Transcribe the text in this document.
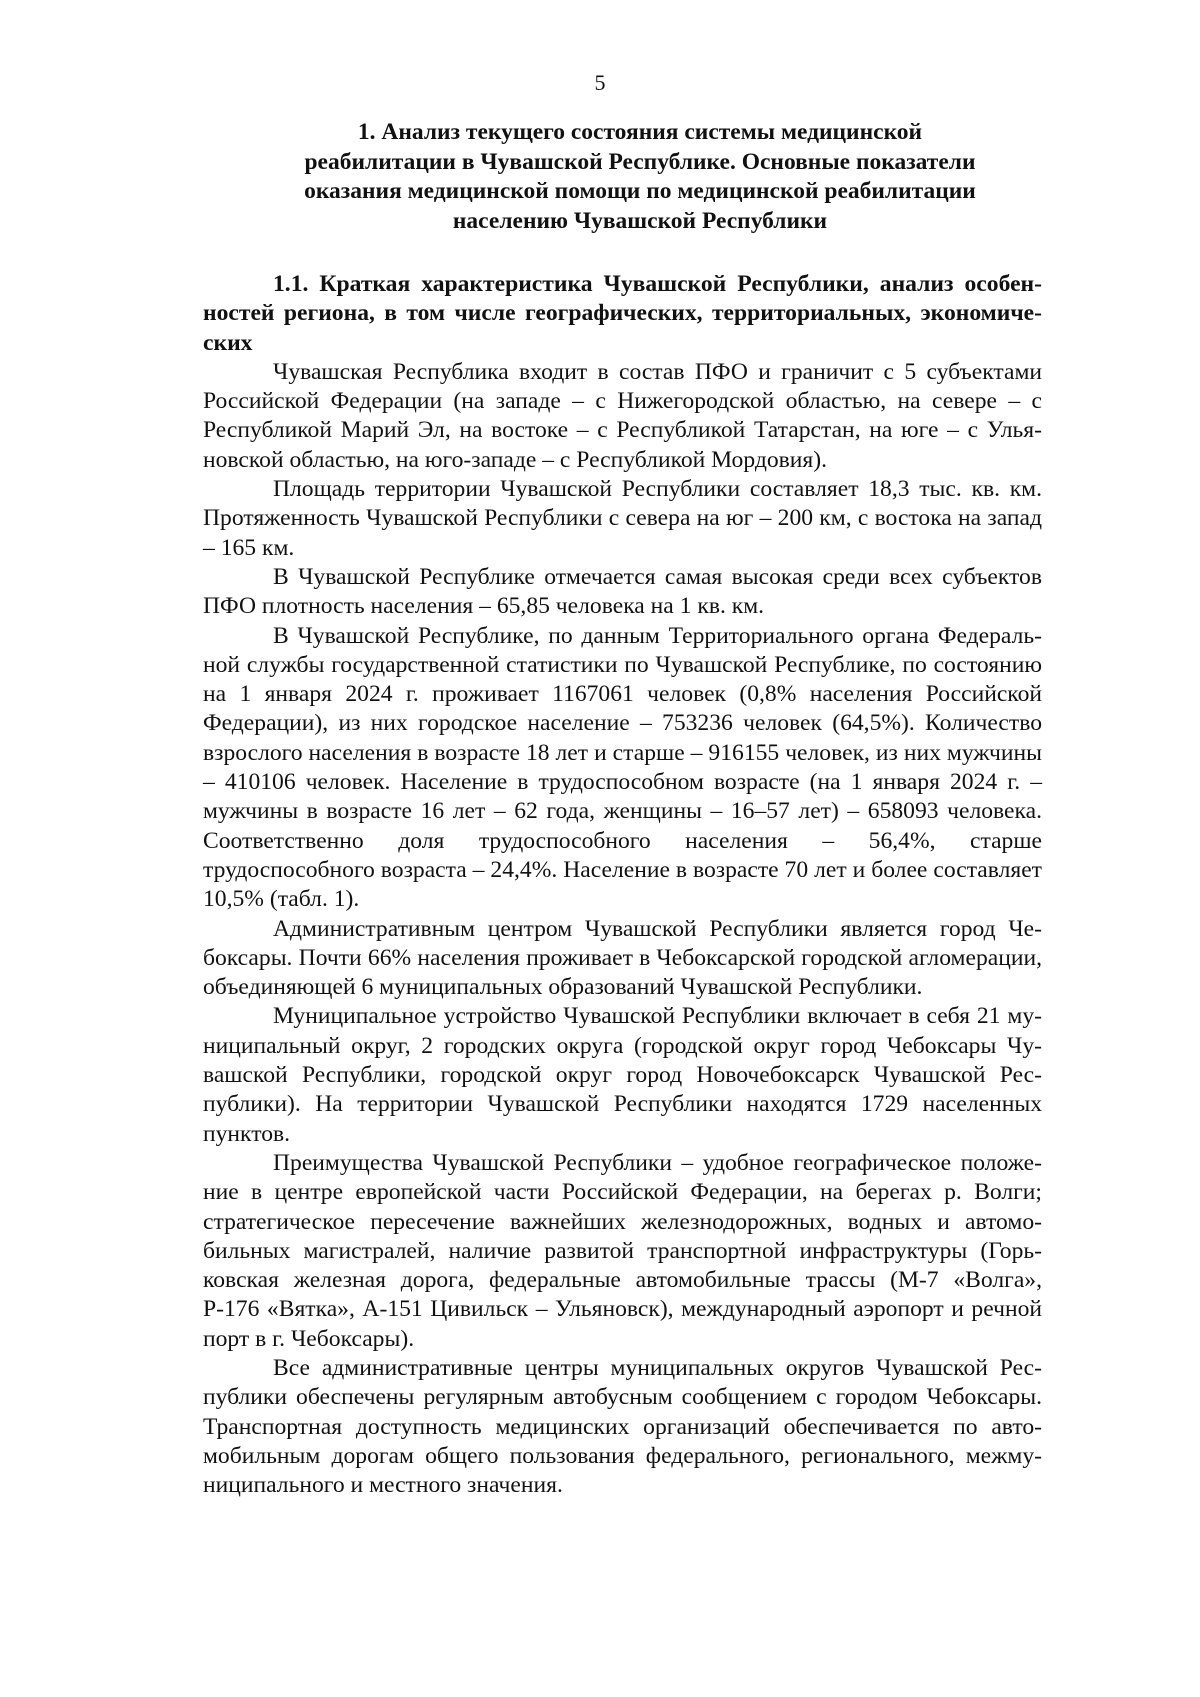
5
1. Анализ текущего состояния системы медицинской
реабилитации в Чувашской Республике. Основные показатели
оказания медицинской помощи по медицинской реабилитации
населению Чувашской Республики

1.1. Краткая характеристика Чувашской Республики, анализ особенностей региона, в том числе географических, территориальных, экономических

Чувашская Республика входит в состав ПФО и граничит с 5 субъектами Российской Федерации (на западе – с Нижегородской областью, на севере – с Республикой Марий Эл, на востоке – с Республикой Татарстан, на юге – с Ульяновской областью, на юго-западе – с Республикой Мордовия).

Площадь территории Чувашской Республики составляет 18,3 тыс. кв. км. Протяженность Чувашской Республики с севера на юг – 200 км, с востока на запад – 165 км.

В Чувашской Республике отмечается самая высокая среди всех субъектов ПФО плотность населения – 65,85 человека на 1 кв. км.

В Чувашской Республике, по данным Территориального органа Федеральной службы государственной статистики по Чувашской Республике, по состоянию на 1 января 2024 г. проживает 1167061 человек (0,8% населения Российской Федерации), из них городское население – 753236 человек (64,5%). Количество взрослого населения в возрасте 18 лет и старше – 916155 человек, из них мужчины – 410106 человек. Население в трудоспособном возрасте (на 1 января 2024 г. – мужчины в возрасте 16 лет – 62 года, женщины – 16–57 лет) – 658093 человека. Соответственно доля трудоспособного населения – 56,4%, старше трудоспособного возраста – 24,4%. Население в возрасте 70 лет и более составляет 10,5% (табл. 1).

Административным центром Чувашской Республики является город Чебоксары. Почти 66% населения проживает в Чебоксарской городской агломерации, объединяющей 6 муниципальных образований Чувашской Республики.

Муниципальное устройство Чувашской Республики включает в себя 21 муниципальный округ, 2 городских округа (городской округ город Чебоксары Чувашской Республики, городской округ город Новочебоксарск Чувашской Республики). На территории Чувашской Республики находятся 1729 населенных пунктов.

Преимущества Чувашской Республики – удобное географическое положение в центре европейской части Российской Федерации, на берегах р. Волги; стратегическое пересечение важнейших железнодорожных, водных и автомобильных магистралей, наличие развитой транспортной инфраструктуры (Горьковская железная дорога, федеральные автомобильные трассы (М-7 «Волга», Р-176 «Вятка», А-151 Цивильск – Ульяновск), международный аэропорт и речной порт в г. Чебоксары).

Все административные центры муниципальных округов Чувашской Республики обеспечены регулярным автобусным сообщением с городом Чебоксары. Транспортная доступность медицинских организаций обеспечивается по автомобильным дорогам общего пользования федерального, регионального, межмуниципального и местного значения.
